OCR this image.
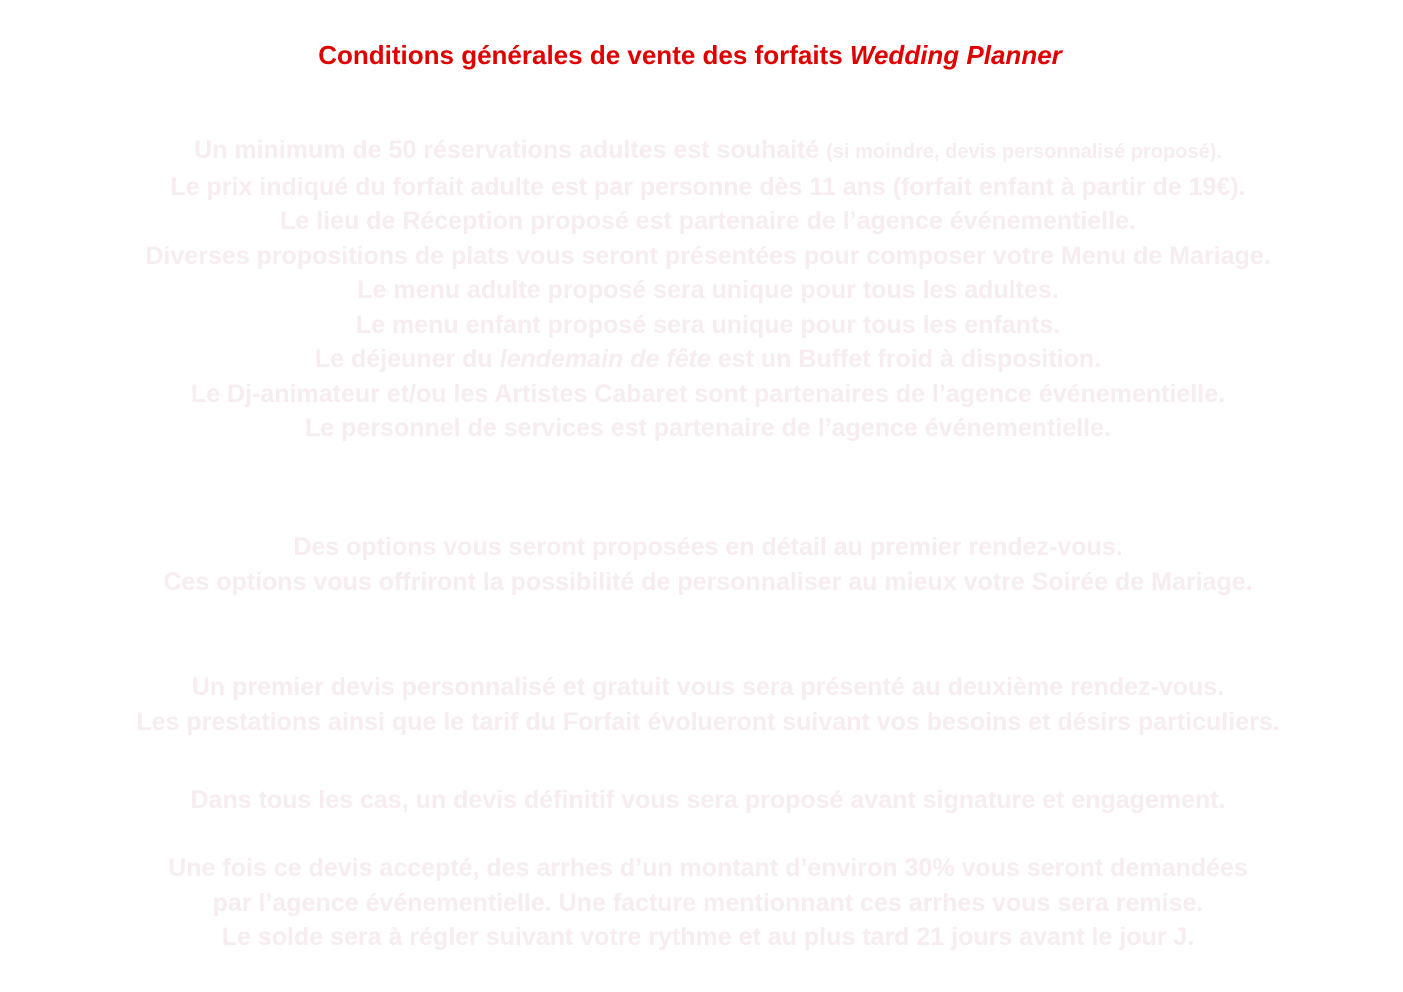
Conditions générales de vente des forfaits Wedding Planner
Un minimum de 50 réservations adultes est souhaité (si moindre, devis personnalisé proposé).
Le prix indiqué du forfait adulte est par personne dès 11 ans (forfait enfant à partir de 19€).
Le lieu de Réception proposé est partenaire de l’agence événementielle.
Diverses propositions de plats vous seront présentées pour composer votre Menu de Mariage.
Le menu adulte proposé sera unique pour tous les adultes.
Le menu enfant proposé sera unique pour tous les enfants.
Le déjeuner du lendemain de fête est un Buffet froid à disposition.
Le Dj-animateur et/ou les Artistes Cabaret sont partenaires de l’agence événementielle.
Le personnel de services est partenaire de l’agence événementielle.
Des options vous seront proposées en détail au premier rendez-vous.
Ces options vous offriront la possibilité de personnaliser au mieux votre Soirée de Mariage.
Un premier devis personnalisé et gratuit vous sera présenté au deuxième rendez-vous.
Les prestations ainsi que le tarif du Forfait évolueront suivant vos besoins et désirs particuliers.
Dans tous les cas, un devis définitif vous sera proposé avant signature et engagement.
Une fois ce devis accepté, des arrhes d’un montant d’environ 30% vous seront demandées
par l’agence événementielle. Une facture mentionnant ces arrhes vous sera remise.
Le solde sera à régler suivant votre rythme et au plus tard 21 jours avant le jour J.
